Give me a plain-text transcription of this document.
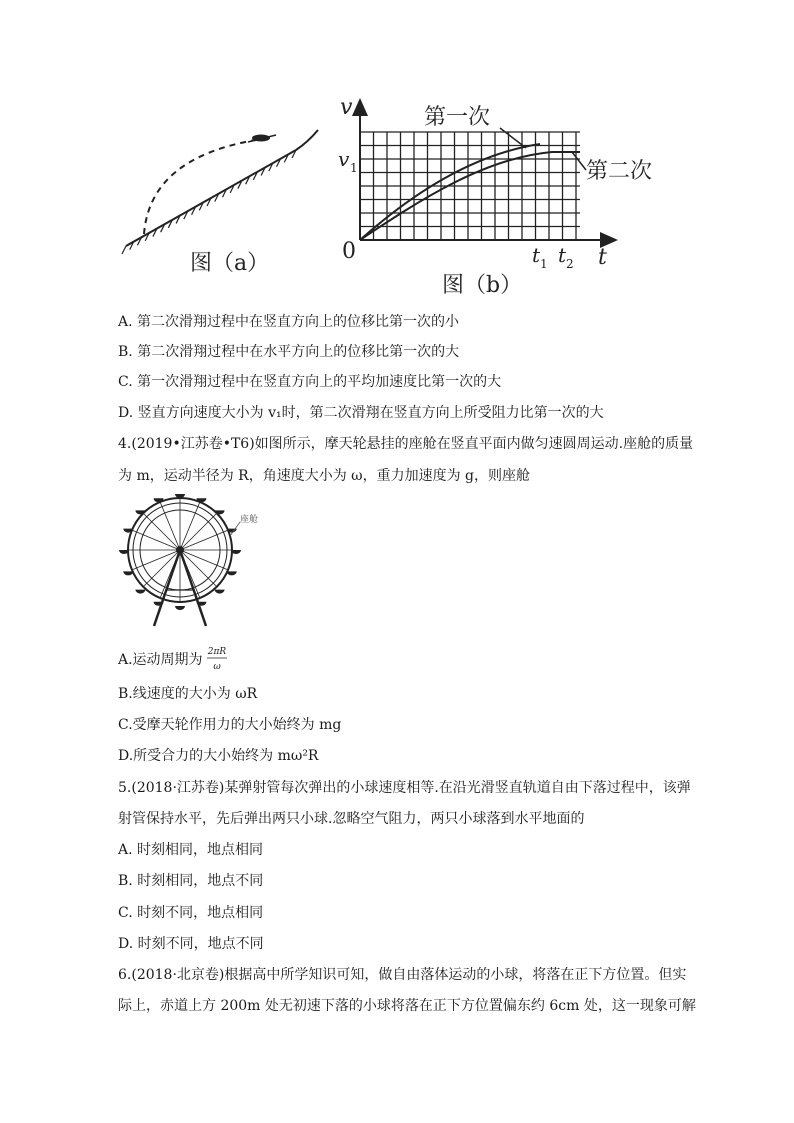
图（a）
第一次
第二次
v
t
v 1
0	t 1 t 2
图（b）
A. 第二次滑翔过程中在竖直方向上的位移比第一次的小
B. 第二次滑翔过程中在水平方向上的位移比第一次的大
C. 第一次滑翔过程中在竖直方向上的平均加速度比第一次的大
D. 竖直方向速度大小为 v₁时，第二次滑翔在竖直方向上所受阻力比第一次的大
4.(2019•江苏卷•T6)如图所示，摩天轮悬挂的座舱在竖直平面内做匀速圆周运动.座舱的质量
为 m，运动半径为 R，角速度大小为 ω，重力加速度为 g，则座舱
座舱
A.运动周期为 2πR
ω
B.线速度的大小为 ωR
C.受摩天轮作用力的大小始终为 mg
D.所受合力的大小始终为 mω²R
5.(2018·江苏卷)某弹射管每次弹出的小球速度相等.在沿光滑竖直轨道自由下落过程中，该弹
射管保持水平，先后弹出两只小球.忽略空气阻力，两只小球落到水平地面的
A. 时刻相同，地点相同
B. 时刻相同，地点不同
C. 时刻不同，地点相同
D. 时刻不同，地点不同
6.(2018·北京卷)根据高中所学知识可知，做自由落体运动的小球，将落在正下方位置。但实
际上，赤道上方 200m 处无初速下落的小球将落在正下方位置偏东约 6cm 处，这一现象可解
